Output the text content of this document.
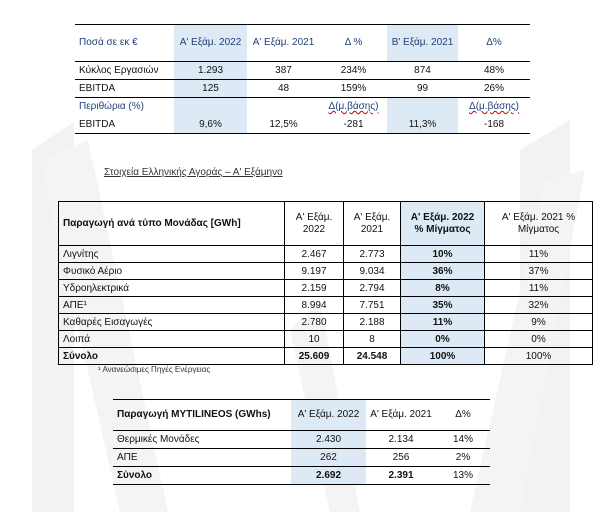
Ποσά σε εκ €	Α' Εξάμ. 2022	Α' Εξάμ. 2021	Δ %	Β' Εξάμ. 2021	Δ%
Κύκλος Εργασιών	1.293	387	234%	874	48%
EBITDA	125	48	159%	99	26%
Περιθώρια (%)			Δ(μ.βάσης)		Δ(μ.βάσης)
EBITDA	9,6%	12,5%	-281	11,3%	-168
Στοιχεία Ελληνικής Αγοράς – Α' Εξάμηνο
Παραγωγή ανά τύπο Μονάδας [GWh]	Α' Εξάμ. 2022	Α' Εξάμ. 2021	Α' Εξάμ. 2022 % Μίγματος	Α' Εξάμ. 2021 % Μίγματος
Λιγνίτης	2.467	2.773	10%	11%
Φυσικό Αέριο	9.197	9.034	36%	37%
Υδροηλεκτρικά	2.159	2.794	8%	11%
ΑΠΕ¹	8.994	7.751	35%	32%
Καθαρές Εισαγωγές	2.780	2.188	11%	9%
Λοιπά	10	8	0%	0%
Σύνολο	25.609	24.548	100%	100%
¹ Ανανεώσιμες Πηγές Ενέργειας
Παραγωγή MYTILINEOS (GWhs)	Α' Εξάμ. 2022	Α' Εξάμ. 2021	Δ%
Θερμικές Μονάδες	2.430	2.134	14%
ΑΠΕ	262	256	2%
Σύνολο	2.692	2.391	13%
